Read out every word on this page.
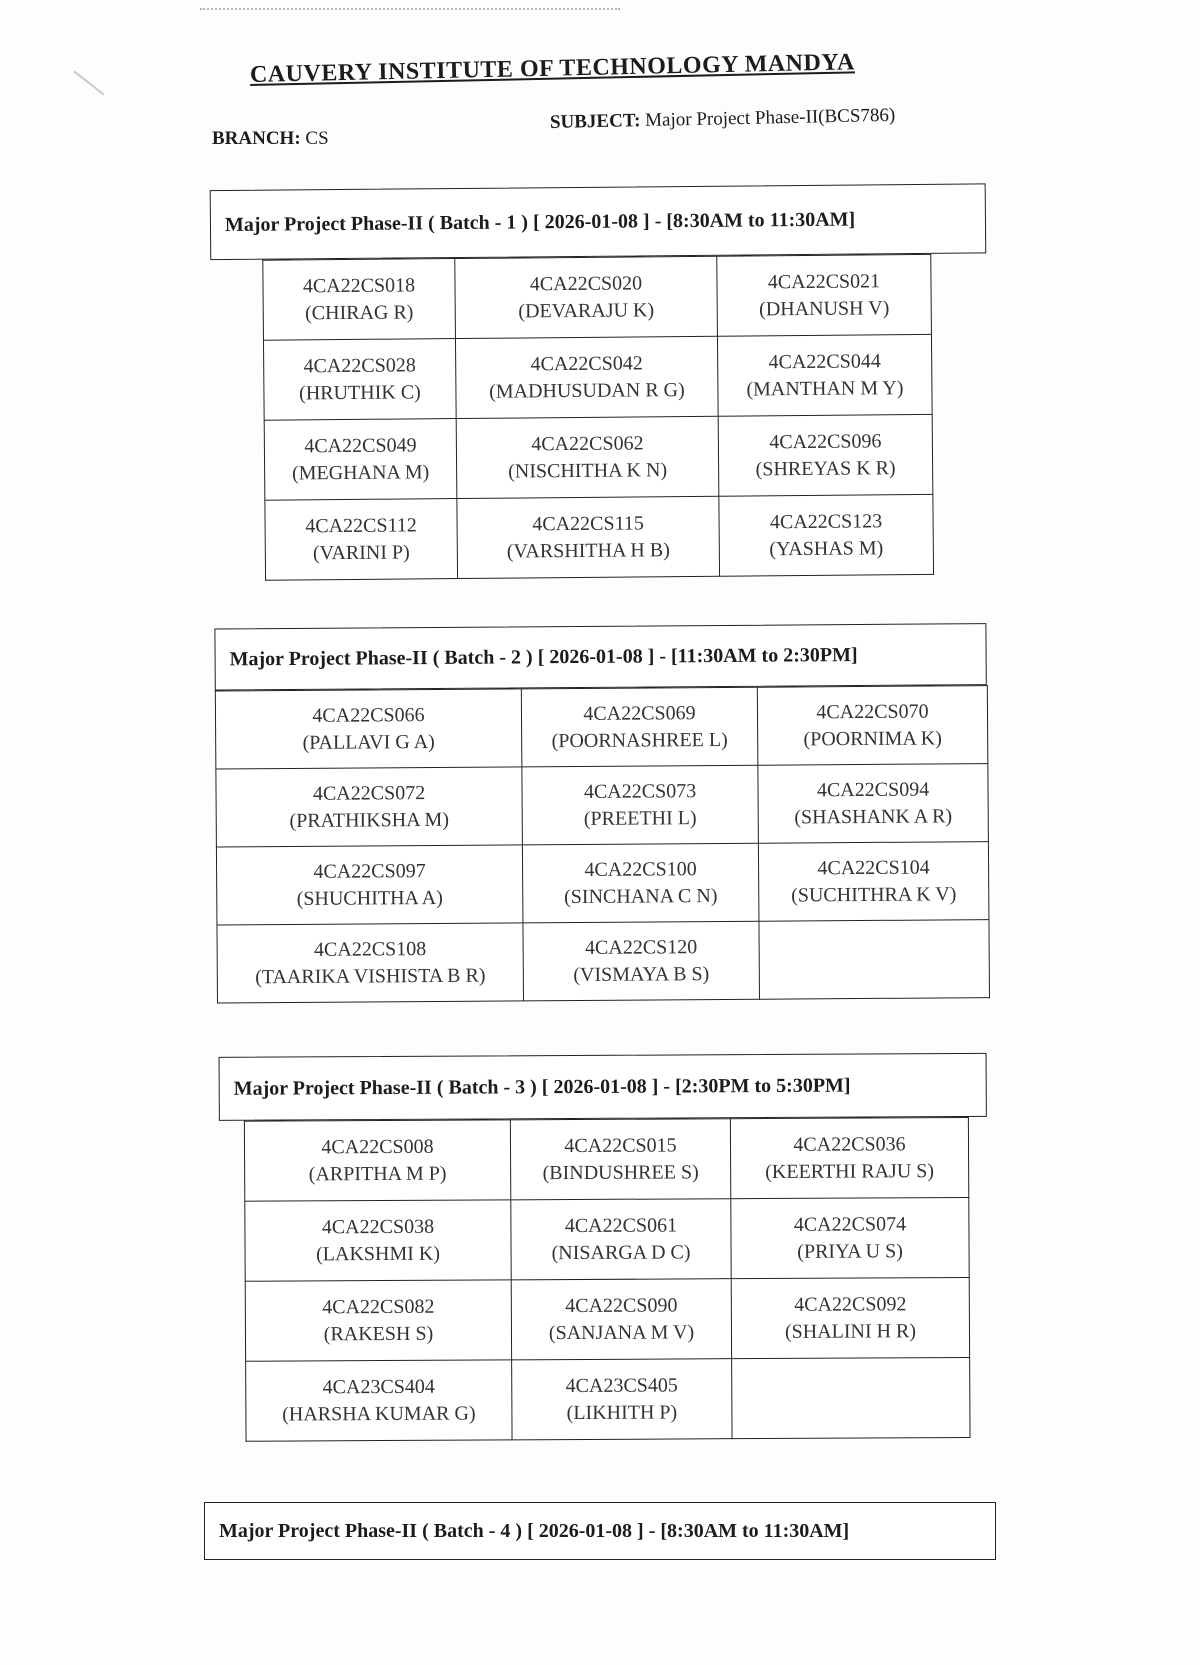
CAUVERY INSTITUTE OF TECHNOLOGY MANDYA
BRANCH: CS
SUBJECT: Major Project Phase-II(BCS786)
Major Project Phase-II ( Batch - 1 ) [ 2026-01-08 ] - [8:30AM to 11:30AM]
4CA22CS018
(CHIRAG R)	4CA22CS020
(DEVARAJU K)	4CA22CS021
(DHANUSH V)

4CA22CS028
(HRUTHIK C)	4CA22CS042
(MADHUSUDAN R G)	4CA22CS044
(MANTHAN M Y)

4CA22CS049
(MEGHANA M)	4CA22CS062
(NISCHITHA K N)	4CA22CS096
(SHREYAS K R)

4CA22CS112
(VARINI P)	4CA22CS115
(VARSHITHA H B)	4CA22CS123
(YASHAS M)
Major Project Phase-II ( Batch - 2 ) [ 2026-01-08 ] - [11:30AM to 2:30PM]
4CA22CS066
(PALLAVI G A)	4CA22CS069
(POORNASHREE L)	4CA22CS070
(POORNIMA K)

4CA22CS072
(PRATHIKSHA M)	4CA22CS073
(PREETHI L)	4CA22CS094
(SHASHANK A R)

4CA22CS097
(SHUCHITHA A)	4CA22CS100
(SINCHANA C N)	4CA22CS104
(SUCHITHRA K V)

4CA22CS108
(TAARIKA VISHISTA B R)	4CA22CS120
(VISMAYA B S)	

Major Project Phase-II ( Batch - 3 ) [ 2026-01-08 ] - [2:30PM to 5:30PM]
4CA22CS008
(ARPITHA M P)	4CA22CS015
(BINDUSHREE S)	4CA22CS036
(KEERTHI RAJU S)

4CA22CS038
(LAKSHMI K)	4CA22CS061
(NISARGA D C)	4CA22CS074
(PRIYA U S)

4CA22CS082
(RAKESH S)	4CA22CS090
(SANJANA M V)	4CA22CS092
(SHALINI H R)

4CA23CS404
(HARSHA KUMAR G)	4CA23CS405
(LIKHITH P)	

Major Project Phase-II ( Batch - 4 ) [ 2026-01-08 ] - [8:30AM to 11:30AM]
